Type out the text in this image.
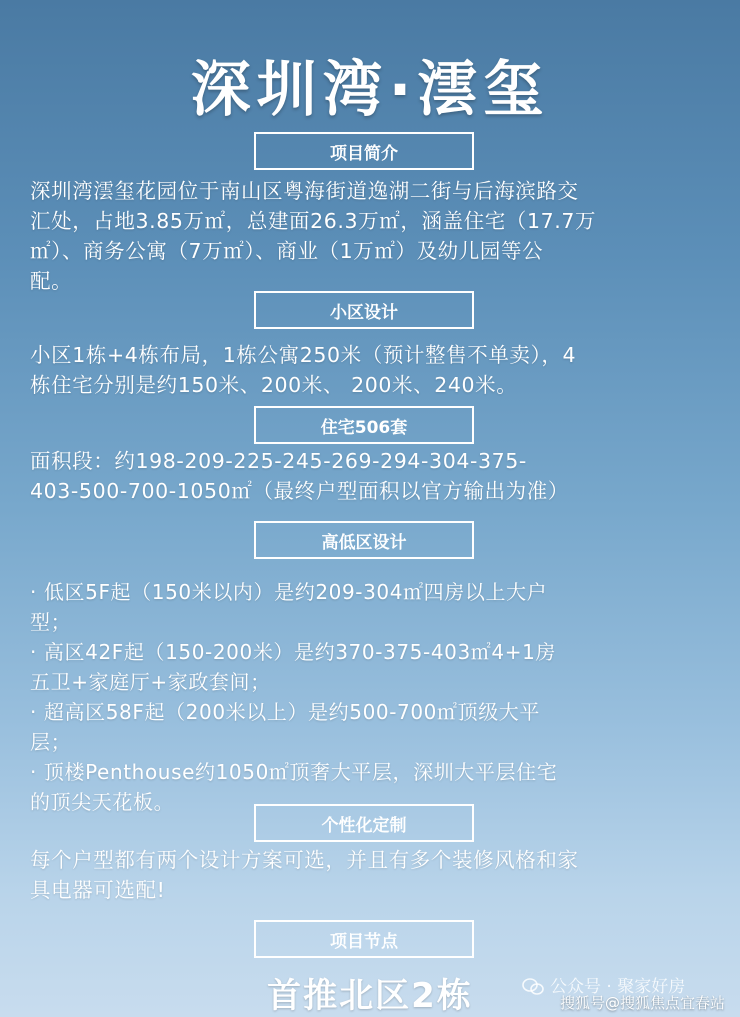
深圳湾·澐玺
项目简介
深圳湾澐玺花园位于南山区粤海街道逸湖二街与后海滨路交
汇处，占地3.85万㎡，总建面26.3万㎡，涵盖住宅（17.7万
㎡）、商务公寓（7万㎡）、商业（1万㎡）及幼儿园等公
配。
小区设计
小区1栋+4栋布局，1栋公寓250米（预计整售不单卖），4
栋住宅分别是约150米、200米、 200米、240米。
住宅506套
面积段：约198-209-225-245-269-294-304-375-
403-500-700-1050㎡（最终户型面积以官方输出为准）
高低区设计
· 低区5F起（150米以内）是约209-304㎡四房以上大户
型；
· 高区42F起（150-200米）是约370-375-403㎡4+1房
五卫+家庭厅+家政套间；
· 超高区58F起（200米以上）是约500-700㎡顶级大平
层；
· 顶楼Penthouse约1050㎡顶奢大平层，深圳大平层住宅
的顶尖天花板。
个性化定制
每个户型都有两个设计方案可选，并且有多个装修风格和家
具电器可选配!
项目节点
首推北区2栋	公众号 · 聚家好房
搜狐号@搜狐焦点宜春站
